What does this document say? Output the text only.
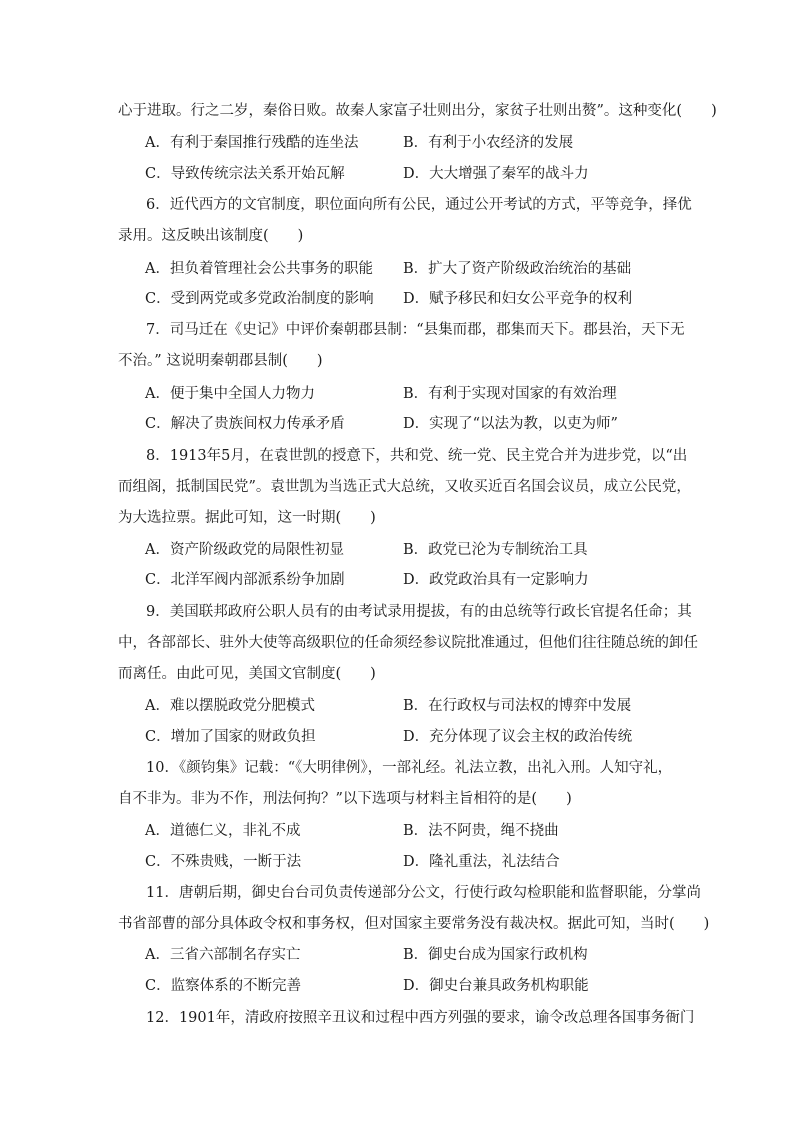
心于进取。行之二岁，秦俗日败。故秦人家富子壮则出分，家贫子壮则出赘”。这种变化(　　)
A．有利于秦国推行残酷的连坐法	B．有利于小农经济的发展
C．导致传统宗法关系开始瓦解	D．大大增强了秦军的战斗力
6．近代西方的文官制度，职位面向所有公民，通过公开考试的方式，平等竞争，择优
录用。这反映出该制度(　　)
A．担负着管理社会公共事务的职能 B．扩大了资产阶级政治统治的基础
C．受到两党或多党政治制度的影响 D．赋予移民和妇女公平竞争的权利
7．司马迁在《史记》中评价秦朝郡县制：“县集而郡，郡集而天下。郡县治，天下无
不治。” 这说明秦朝郡县制(　　)
A．便于集中全国人力物力	B．有利于实现对国家的有效治理
C．解决了贵族间权力传承矛盾	D．实现了“以法为教，以吏为师”
8．1913年5月，在袁世凯的授意下，共和党、统一党、民主党合并为进步党，以“出
而组阁，抵制国民党”。袁世凯为当选正式大总统，又收买近百名国会议员，成立公民党，
为大选拉票。据此可知，这一时期(　　)
A．资产阶级政党的局限性初显	B．政党已沦为专制统治工具
C．北洋军阀内部派系纷争加剧	D．政党政治具有一定影响力
9．美国联邦政府公职人员有的由考试录用提拔，有的由总统等行政长官提名任命；其
中，各部部长、驻外大使等高级职位的任命须经参议院批准通过，但他们往往随总统的卸任
而离任。由此可见，美国文官制度(　　)
A．难以摆脱政党分肥模式	B．在行政权与司法权的博弈中发展
C．增加了国家的财政负担	D．充分体现了议会主权的政治传统
10．《颜钧集》记载：“《大明律例》，一部礼经。礼法立教，出礼入刑。人知守礼，
自不非为。非为不作，刑法何拘？”以下选项与材料主旨相符的是(　　)
A．道德仁义，非礼不成	B．法不阿贵，绳不挠曲
C．不殊贵贱，一断于法	D．隆礼重法，礼法结合
11．唐朝后期，御史台台司负责传递部分公文，行使行政勾检职能和监督职能，分掌尚
书省部曹的部分具体政令权和事务权，但对国家主要常务没有裁决权。据此可知，当时(　　)
A．三省六部制名存实亡	B．御史台成为国家行政机构
C．监察体系的不断完善	D．御史台兼具政务机构职能
12．1901年，清政府按照辛丑议和过程中西方列强的要求，谕令改总理各国事务衙门
